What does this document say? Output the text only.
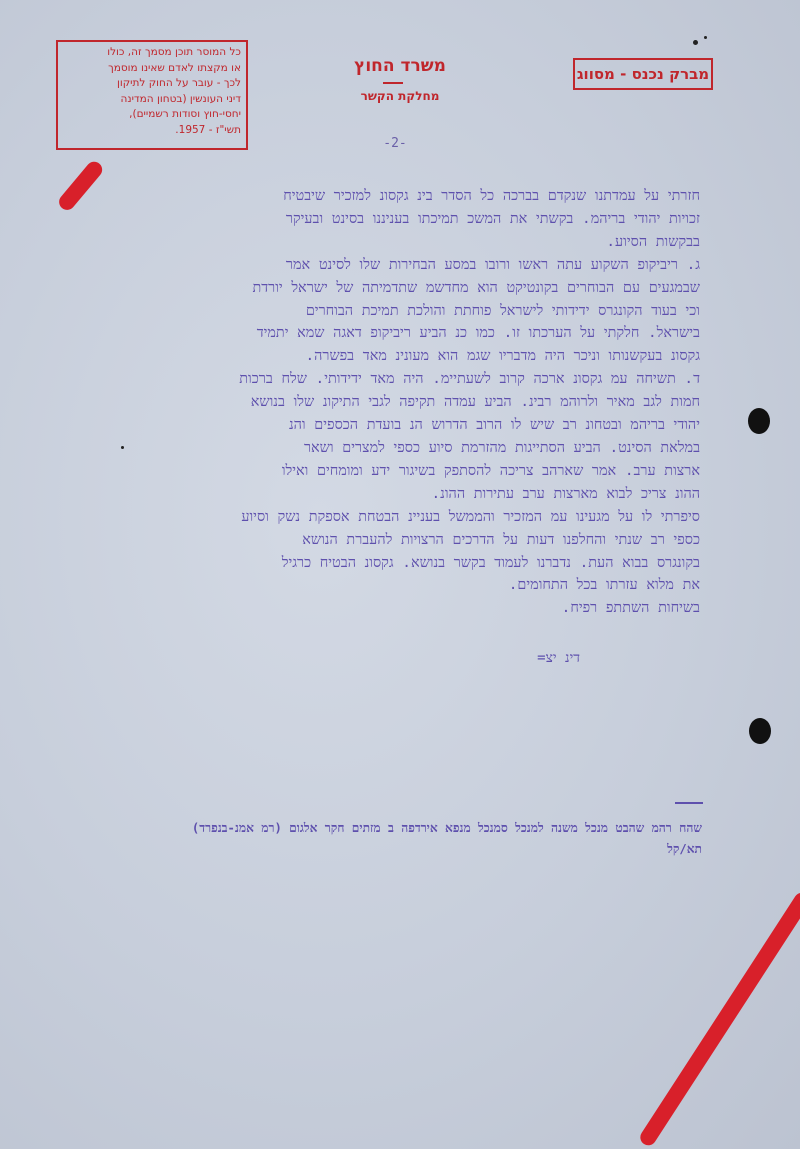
כל המוסר תוכן מסמך זה, כולו
או מקצתו לאדם שאינו מוסמך
לכך - עובר על החוק לתיקון
דיני העונשין (בטחון המדינה
יחסי-חוץ וסודות רשמיים),
תשי"ז - 1957.
משרד החוץ
מחלקת הקשר
מברק נכנס - מסווג
-2-
חזרתי על עמדתנו שנקדם בברכה כל הסדר בינ גקסונ למזכיר שיבטיח
זכויות יהודי בריהמ. בקשתי את המשכ תמיכתו בעניננו בסינט ובעיקר
בבקשות הסיוע.
ג. ריביקופ השקוע עתה ראשו ורובו במסע הבחירות שלו לסינט אמר
שבמגעים עם הבוחרים בקונטיקט הוא מחדשמ שתדמיתה של ישראל יורדת
וכי בעוד הקונגרס ידידותי לישראל פוחתת והולכת תמיכת הבוחרים
בישראל. חלקתי על הערכתו זו. כמו כנ הביע ריביקופ דאגה שמא יתמיד
גקסונ בעקשנותו וניכר היה מדבריו שגמ הוא מעונינ מאד בפשרה.
ד. תשיחה עמ גקסונ ארכה קרוב לשעתיימ. היה מאד ידידותי. שלח ברכות
חמות לגב מאיר ולרוהמ רבינ. הביע עמדה תקיפה לגבי התיקונ שלו בנושא
יהודי בריהמ ובטחונ רב שיש לו הרוב הדרוש הנ בועדת הכספים והנ
במלאת הסינט. הביע הסתייגות מהזרמת סיוע כספי למצרים ושאר
ארצות ערב. אמר שארהב צריכה להסתפק בשיגור ידע ומומחים ואילו
ההונ צריכ לבוא מארצות ערב עתירות ההונ.
סיפרתי לו על מגעינו עמ המזכיר והממשל בעניינ הבטחת אספקת נשק וסיוע
כספי רב שנתי והחלפנו דעות על הדרכים הרצויות להעברת הנושא
בקונגרס בבוא העת. נדברנו לעמוד בקשר בנושא. גקסונ הבטיח כרגיל
את מלוא עזרתו בכל התחומים.
בשיחות השתתפ רפיח.
דינ יצ=
שהח רהמ שהבט מנכל משנה למנכל סמנכל מנפא אירדפה ב מזתים חקר אלגום (רמ אמנ-בנפרד)
תא/קל
